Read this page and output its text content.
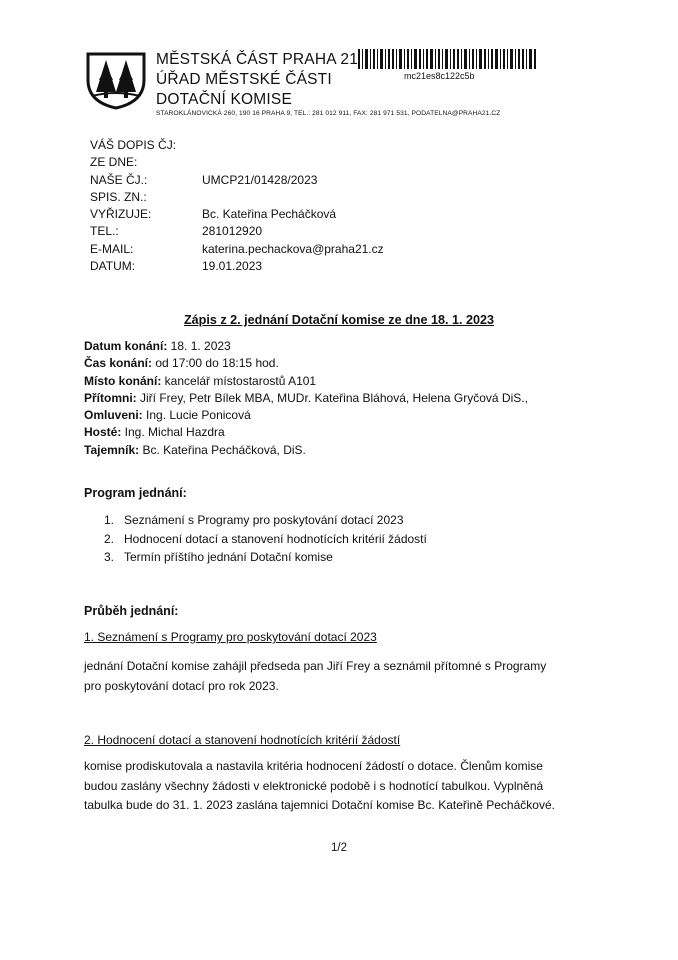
MĚSTSKÁ ČÁST PRAHA 21
ÚŘAD MĚSTSKÉ ČÁSTI
DOTAČNÍ KOMISE
STAROKLÁNOVICKÁ 260, 190 16 PRAHA 9, TEL.: 281 012 911, FAX: 281 971 531, PODATELNA@PRAHA21.CZ
mc21es8c122c5b
VÁŠ DOPIS ČJ:
ZE DNE:
NAŠE ČJ.:	UMCP21/01428/2023
SPIS. ZN.:
VYŘIZUJE:	Bc. Kateřina Pecháčková
TEL.:	281012920
E-MAIL:	katerina.pechackova@praha21.cz
DATUM:	19.01.2023
Zápis z 2. jednání Dotační komise ze dne 18. 1. 2023
Datum konání: 18. 1. 2023
Čas konání: od 17:00 do 18:15 hod.
Místo konání: kancelář místostarostů A101
Přítomni: Jiří Frey, Petr Bílek MBA, MUDr. Kateřina Bláhová, Helena Gryčová DiS.,
Omluveni: Ing. Lucie Ponicová
Hosté: Ing. Michal Hazdra
Tajemník: Bc. Kateřina Pecháčková, DiS.
Program jednání:
1. Seznámení s Programy pro poskytování dotací 2023
2. Hodnocení dotací a stanovení hodnotících kritérií žádostí
3. Termín příštího jednání Dotační komise
Průběh jednání:
1. Seznámení s Programy pro poskytování dotací 2023
jednání Dotační komise zahájil předseda pan Jiří Frey a seznámil přítomné s Programy
pro poskytování dotací pro rok 2023.
2. Hodnocení dotací a stanovení hodnotících kritérií žádostí
komise prodiskutovala a nastavila kritéria hodnocení žádostí o dotace. Členům komise
budou zaslány všechny žádosti v elektronické podobě i s hodnotící tabulkou. Vyplněná
tabulka bude do 31. 1. 2023 zaslána tajemnici Dotační komise Bc. Kateřině Pecháčkové.
1/2
